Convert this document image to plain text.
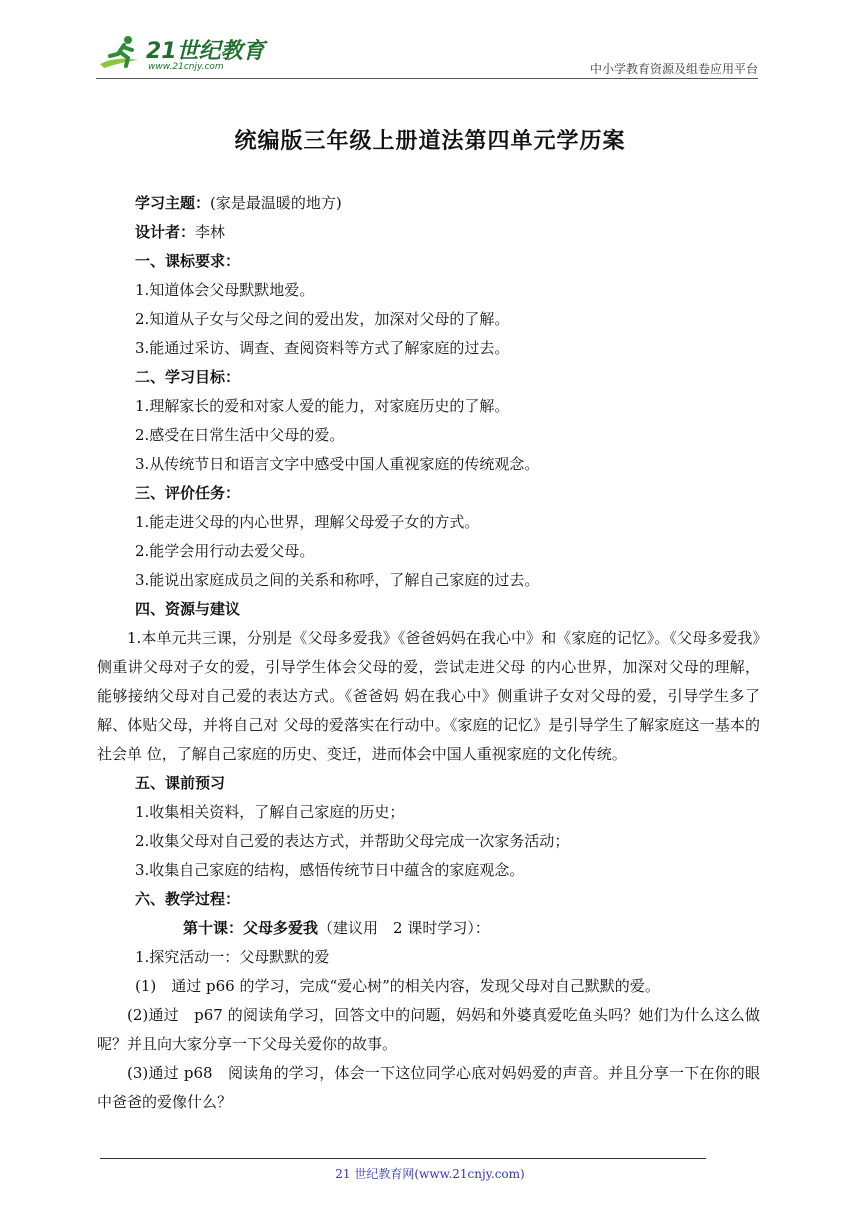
21世纪教育
www.21cnjy.com	中小学教育资源及组卷应用平台
统编版三年级上册道法第四单元学历案
学习主题：(家是最温暖的地方)
设计者：李林
一、课标要求：
1.知道体会父母默默地爱。
2.知道从子女与父母之间的爱出发，加深对父母的了解。
3.能通过采访、调查、查阅资料等方式了解家庭的过去。
二、学习目标：
1.理解家长的爱和对家人爱的能力，对家庭历史的了解。
2.感受在日常生活中父母的爱。
3.从传统节日和语言文字中感受中国人重视家庭的传统观念。
三、评价任务：
1.能走进父母的内心世界，理解父母爱子女的方式。
2.能学会用行动去爱父母。
3.能说出家庭成员之间的关系和称呼，了解自己家庭的过去。
四、资源与建议
1.本单元共三课，分别是《父母多爱我》《爸爸妈妈在我心中》和《家庭的记忆》。《父母多爱我》侧重讲父母对子女的爱，引导学生体会父母的爱，尝试走进父母 的内心世界，加深对父母的理解，能够接纳父母对自己爱的表达方式。《爸爸妈 妈在我心中》侧重讲子女对父母的爱，引导学生多了解、体贴父母，并将自己对 父母的爱落实在行动中。《家庭的记忆》是引导学生了解家庭这一基本的社会单 位，了解自己家庭的历史、变迁，进而体会中国人重视家庭的文化传统。
五、课前预习
1.收集相关资料，了解自己家庭的历史；
2.收集父母对自己爱的表达方式，并帮助父母完成一次家务活动；
3.收集自己家庭的结构，感悟传统节日中蕴含的家庭观念。
六、教学过程：
第十课：父母多爱我（建议用　2 课时学习）：
1.探究活动一：父母默默的爱
(1)　通过 p66 的学习，完成“爱心树”的相关内容，发现父母对自己默默的爱。
(2)通过　p67 的阅读角学习，回答文中的问题，妈妈和外婆真爱吃鱼头吗？她们为什么这么做呢？并且向大家分享一下父母关爱你的故事。
(3)通过 p68　阅读角的学习，体会一下这位同学心底对妈妈爱的声音。并且分享一下在你的眼中爸爸的爱像什么？
21 世纪教育网(www.21cnjy.com)
